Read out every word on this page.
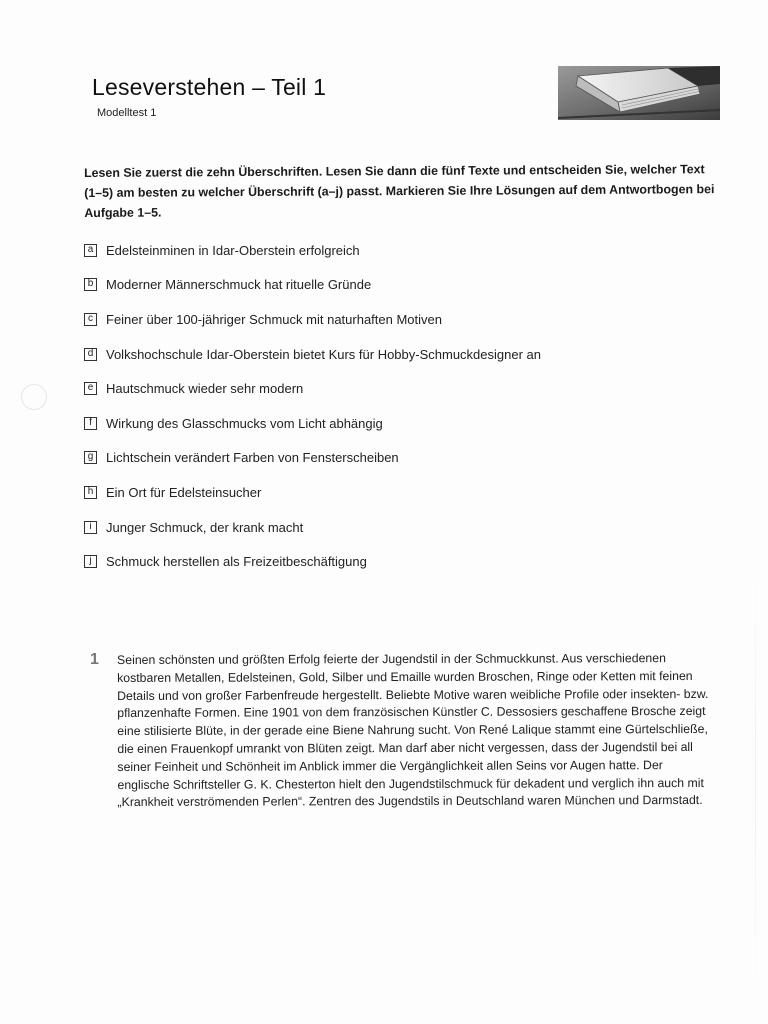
Leseverstehen – Teil 1
Modelltest 1
Lesen Sie zuerst die zehn Überschriften. Lesen Sie dann die fünf Texte und entscheiden Sie, welcher Text (1–5) am besten zu welcher Überschrift (a–j) passt. Markieren Sie Ihre Lösungen auf dem Antwortbogen bei Aufgabe 1–5.
a Edelsteinminen in Idar-Oberstein erfolgreich
b Moderner Männerschmuck hat rituelle Gründe
c	Feiner über 100-jähriger Schmuck mit naturhaften Motiven
d Volkshochschule Idar-Oberstein bietet Kurs für Hobby-Schmuckdesigner an
e Hautschmuck wieder sehr modern
f	Wirkung des Glasschmucks vom Licht abhängig
g Lichtschein verändert Farben von Fensterscheiben
h Ein Ort für Edelsteinsucher
i	Junger Schmuck, der krank macht
j	Schmuck herstellen als Freizeitbeschäftigung
1 Seinen schönsten und größten Erfolg feierte der Jugendstil in der Schmuckkunst. Aus verschiedenen kostbaren Metallen, Edelsteinen, Gold, Silber und Emaille wurden Broschen, Ringe oder Ketten mit feinen Details und von großer Farbenfreude hergestellt. Beliebte Motive waren weibliche Profile oder insekten- bzw. pflanzenhafte Formen. Eine 1901 von dem französischen Künstler C. Dessosiers geschaffene Brosche zeigt eine stilisierte Blüte, in der gerade eine Biene Nahrung sucht. Von René Lalique stammt eine Gürtelschließe, die einen Frauenkopf umrankt von Blüten zeigt. Man darf aber nicht vergessen, dass der Jugendstil bei all seiner Feinheit und Schönheit im Anblick immer die Vergänglichkeit allen Seins vor Augen hatte. Der englische Schriftsteller G. K. Chesterton hielt den Jugendstilschmuck für dekadent und verglich ihn auch mit „Krankheit verströmenden Perlen“. Zentren des Jugendstils in Deutschland waren München und Darmstadt.
